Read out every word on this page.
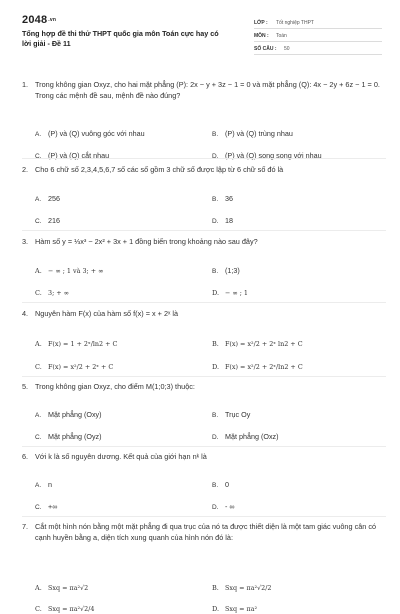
$2048^{.vn}$
Tổng hợp đề thi thử THPT quốc gia môn Toán cực hay có lời giải - Đề 11
LỚP : Tốt nghiệp THPT
MÔN : Toán
SỐ CÂU : 50
1. Trong không gian Oxyz, cho hai mặt phẳng (P): 2x − y + 3z − 1 = 0 và mặt phẳng (Q): 4x − 2y + 6z − 1 = 0. Trong các mệnh đề sau, mệnh đề nào đúng?
A. (P) và (Q) vuông góc với nhau	B. (P) và (Q) trùng nhau
C. (P) và (Q) cắt nhau	D. (P) và (Q) song song với nhau
2. Cho 6 chữ số 2,3,4,5,6,7 số các số gồm 3 chữ số được lập từ 6 chữ số đó là
A. 256	B. 36
C. 216	D. 18
3. Hàm số y = ⅓x³ − 2x² + 3x + 1 đồng biến trong khoảng nào sau đây?
A. − ∞ ; 1 và 3; + ∞	B. (1;3)
C. 3; + ∞	D. − ∞ ; 1
4. Nguyên hàm F(x) của hàm số f(x) = x + 2ˣ là
A. F(x) = 1 + 2ˣ/ln2 + C	B. F(x) = x²/2 + 2ˣ ln2 + C
C. F(x) = x²/2 + 2ˣ + C	D. F(x) = x²/2 + 2ˣ/ln2 + C
5. Trong không gian Oxyz, cho điểm M(1;0;3) thuộc:
A. Mặt phẳng (Oxy)	B. Trục Oy
C. Mặt phẳng (Oyz)	D. Mặt phẳng (Oxz)
6. Với k là số nguyên dương. Kết quả của giới hạn nᵏ là
A. n	B. 0
C. +∞	D. - ∞
7. Cắt một hình nón bằng một mặt phẳng đi qua trục của nó ta được thiết diện là một tam giác vuông cân có cạnh huyền bằng a, diện tích xung quanh của hình nón đó là:
A. Sxq = πa²√2	B. Sxq = πa²√2/2
C. Sxq = πa²√2/4	D. Sxq = πa²
